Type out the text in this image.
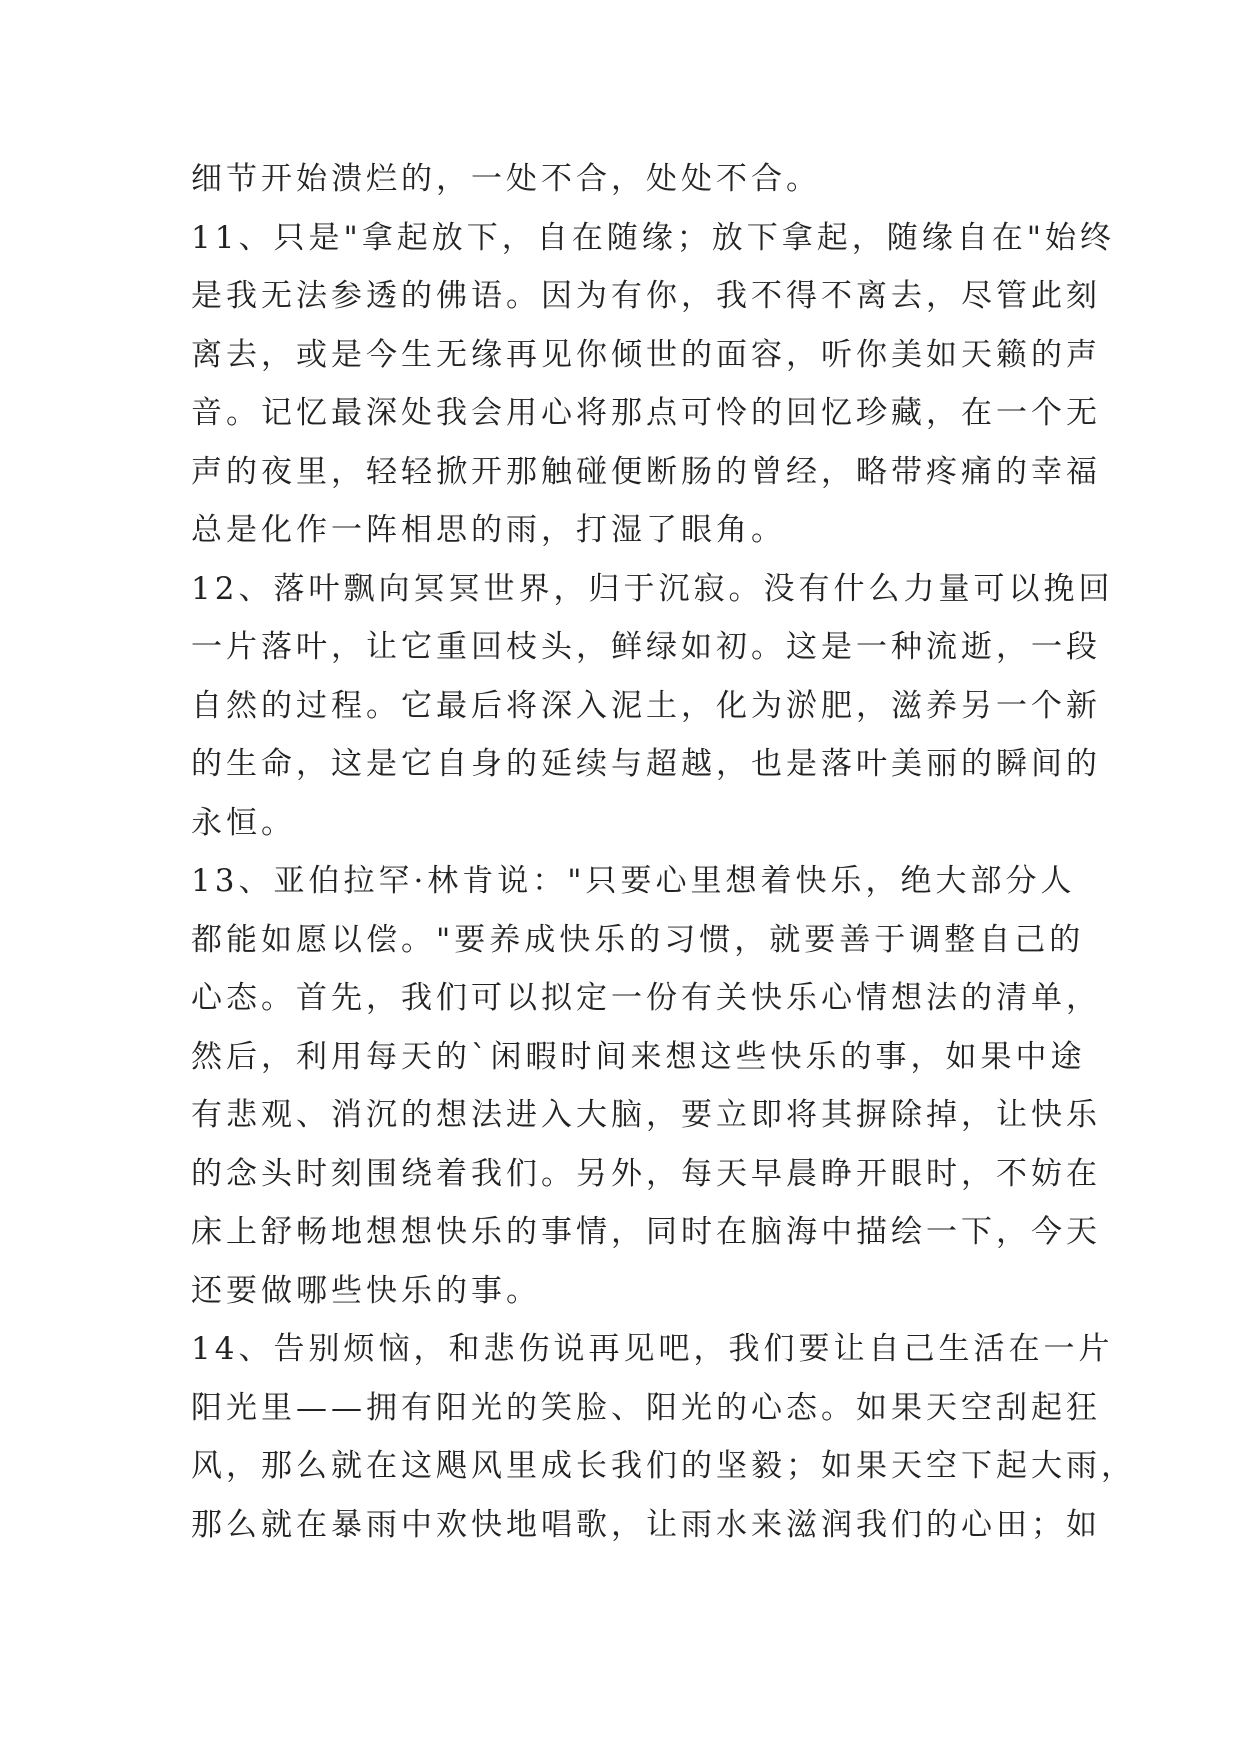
细节开始溃烂的，一处不合，处处不合。
11、只是"拿起放下，自在随缘；放下拿起，随缘自在"始终
是我无法参透的佛语。因为有你，我不得不离去，尽管此刻
离去，或是今生无缘再见你倾世的面容，听你美如天籁的声
音。记忆最深处我会用心将那点可怜的回忆珍藏，在一个无
声的夜里，轻轻掀开那触碰便断肠的曾经，略带疼痛的幸福
总是化作一阵相思的雨，打湿了眼角。
12、落叶飘向冥冥世界，归于沉寂。没有什么力量可以挽回
一片落叶，让它重回枝头，鲜绿如初。这是一种流逝，一段
自然的过程。它最后将深入泥土，化为淤肥，滋养另一个新
的生命，这是它自身的延续与超越，也是落叶美丽的瞬间的
永恒。
13、亚伯拉罕·林肯说："只要心里想着快乐，绝大部分人
都能如愿以偿。"要养成快乐的习惯，就要善于调整自己的
心态。首先，我们可以拟定一份有关快乐心情想法的清单，
然后，利用每天的`闲暇时间来想这些快乐的事，如果中途
有悲观、消沉的想法进入大脑，要立即将其摒除掉，让快乐
的念头时刻围绕着我们。另外，每天早晨睁开眼时，不妨在
床上舒畅地想想快乐的事情，同时在脑海中描绘一下，今天
还要做哪些快乐的事。
14、告别烦恼，和悲伤说再见吧，我们要让自己生活在一片
阳光里——拥有阳光的笑脸、阳光的心态。如果天空刮起狂
风，那么就在这飓风里成长我们的坚毅；如果天空下起大雨，
那么就在暴雨中欢快地唱歌，让雨水来滋润我们的心田；如
